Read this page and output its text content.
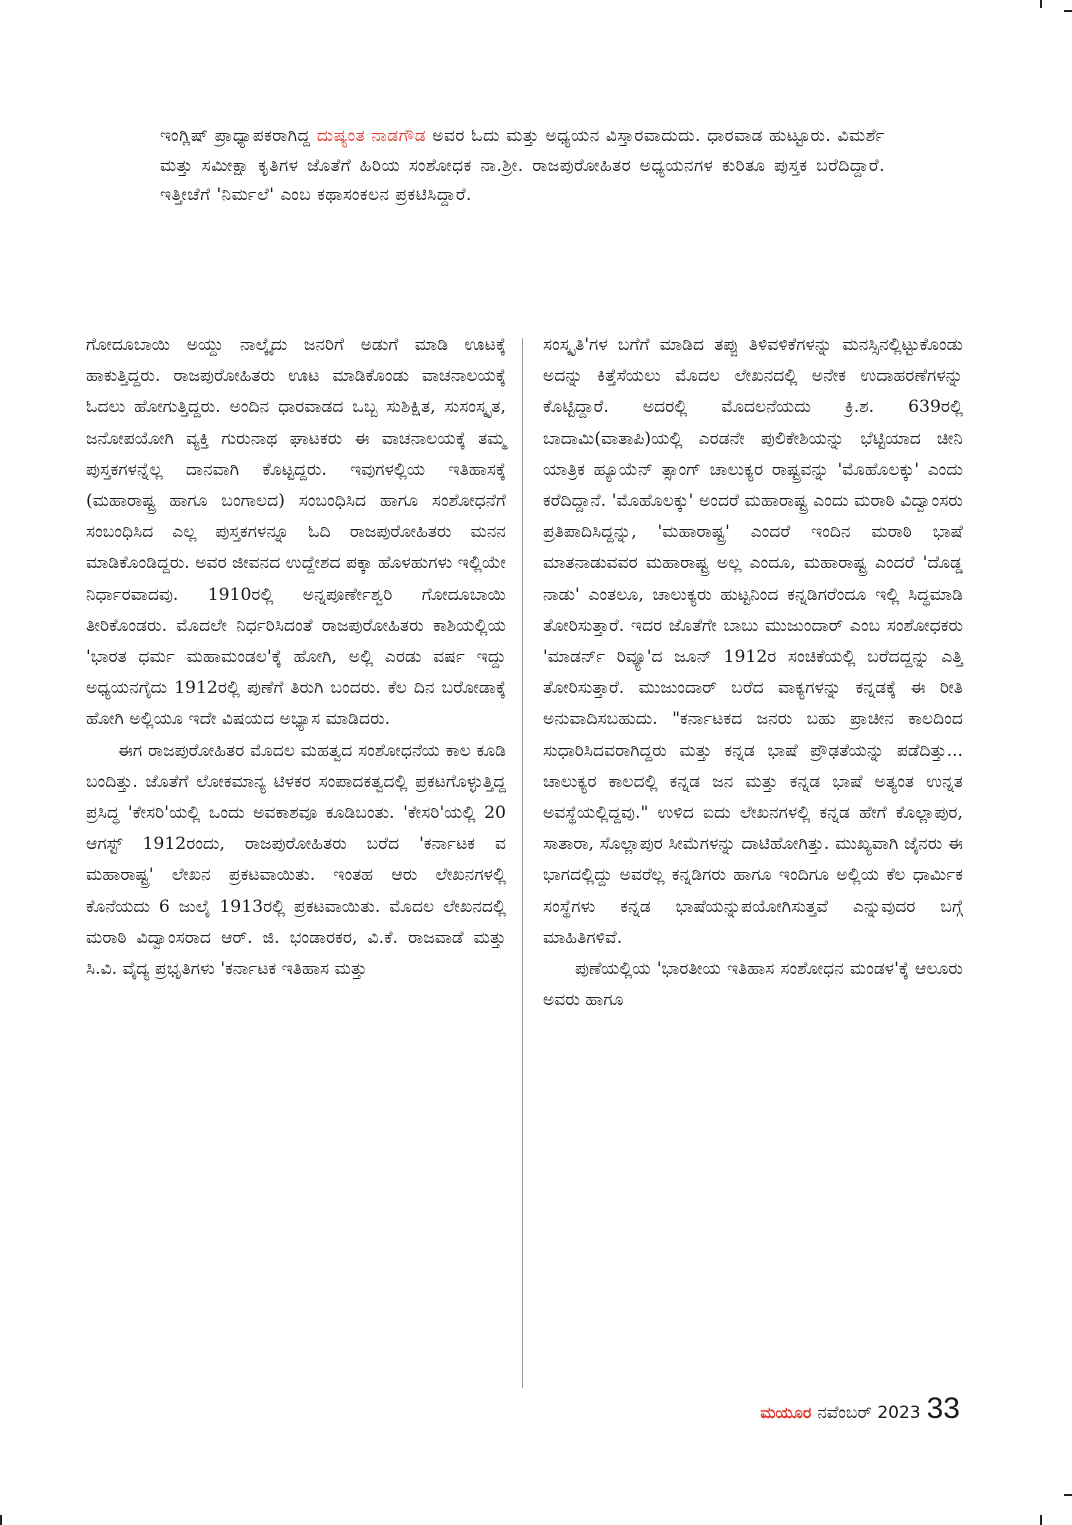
ಇಂಗ್ಲಿಷ್ ಪ್ರಾಧ್ಯಾಪಕರಾಗಿದ್ದ ದುಷ್ಯಂತ ನಾಡಗೌಡ ಅವರ ಓದು ಮತ್ತು ಅಧ್ಯಯನ ವಿಸ್ತಾರವಾದುದು. ಧಾರವಾಡ ಹುಟ್ಟೂರು. ವಿಮರ್ಶೆ ಮತ್ತು ಸಮೀಕ್ಷಾ ಕೃತಿಗಳ ಜೊತೆಗೆ ಹಿರಿಯ ಸಂಶೋಧಕ ನಾ.ಶ್ರೀ. ರಾಜಪುರೋಹಿತರ ಅಧ್ಯಯನಗಳ ಕುರಿತೂ ಪುಸ್ತಕ ಬರೆದಿದ್ದಾರೆ. ಇತ್ತೀಚೆಗೆ 'ನಿರ್ಮಲೆ' ಎಂಬ ಕಥಾಸಂಕಲನ ಪ್ರಕಟಿಸಿದ್ದಾರೆ.

ಗೋದೂಬಾಯಿ ಅಯ್ದು ನಾಲ್ಕೈದು ಜನರಿಗೆ ಅಡುಗೆ ಮಾಡಿ ಊಟಕ್ಕೆ ಹಾಕುತ್ತಿದ್ದರು. ರಾಜಪುರೋಹಿತರು ಊಟ ಮಾಡಿಕೊಂಡು ವಾಚನಾಲಯಕ್ಕೆ ಓದಲು ಹೋಗುತ್ತಿದ್ದರು. ಅಂದಿನ ಧಾರವಾಡದ ಒಬ್ಬ ಸುಶಿಕ್ಷಿತ, ಸುಸಂಸ್ಕೃತ, ಜನೋಪಯೋಗಿ ವ್ಯಕ್ತಿ ಗುರುನಾಥ ಘಾಟಕರು ಈ ವಾಚನಾಲಯಕ್ಕೆ ತಮ್ಮ ಪುಸ್ತಕಗಳನ್ನೆಲ್ಲ ದಾನವಾಗಿ ಕೊಟ್ಟದ್ದರು. ಇವುಗಳಲ್ಲಿಯ ಇತಿಹಾಸಕ್ಕೆ (ಮಹಾರಾಷ್ಟ್ರ ಹಾಗೂ ಬಂಗಾಲದ) ಸಂಬಂಧಿಸಿದ ಹಾಗೂ ಸಂಶೋಧನೆಗೆ ಸಂಬಂಧಿಸಿದ ಎಲ್ಲ ಪುಸ್ತಕಗಳನ್ನೂ ಓದಿ ರಾಜಪುರೋಹಿತರು ಮನನ ಮಾಡಿಕೊಂಡಿದ್ದರು. ಅವರ ಜೀವನದ ಉದ್ದೇಶದ ಪಕ್ಕಾ ಹೊಳಹುಗಳು ಇಲ್ಲಿಯೇ ನಿರ್ಧಾರವಾದವು. 1910ರಲ್ಲಿ ಅನ್ನಪೂರ್ಣೇಶ್ವರಿ ಗೋದೂಬಾಯಿ ತೀರಿಕೊಂಡರು. ಮೊದಲೇ ನಿರ್ಧರಿಸಿದಂತೆ ರಾಜಪುರೋಹಿತರು ಕಾಶಿಯಲ್ಲಿಯ 'ಭಾರತ ಧರ್ಮ ಮಹಾಮಂಡಲ'ಕ್ಕೆ ಹೋಗಿ, ಅಲ್ಲಿ ಎರಡು ವರ್ಷ ಇದ್ದು ಅಧ್ಯಯನಗೈದು 1912ರಲ್ಲಿ ಪುಣೆಗೆ ತಿರುಗಿ ಬಂದರು. ಕೆಲ ದಿನ ಬರೋಡಾಕ್ಕೆ ಹೋಗಿ ಅಲ್ಲಿಯೂ ಇದೇ ವಿಷಯದ ಅಭ್ಯಾಸ ಮಾಡಿದರು.

ಈಗ ರಾಜಪುರೋಹಿತರ ಮೊದಲ ಮಹತ್ವದ ಸಂಶೋಧನೆಯ ಕಾಲ ಕೂಡಿ ಬಂದಿತ್ತು. ಜೊತೆಗೆ ಲೋಕಮಾನ್ಯ ಟಿಳಕರ ಸಂಪಾದಕತ್ವದಲ್ಲಿ ಪ್ರಕಟಗೊಳ್ಳುತ್ತಿದ್ದ ಪ್ರಸಿದ್ಧ 'ಕೇಸರಿ'ಯಲ್ಲಿ ಒಂದು ಅವಕಾಶವೂ ಕೂಡಿಬಂತು. 'ಕೇಸರಿ'ಯಲ್ಲಿ 20 ಆಗಸ್ಟ್ 1912ರಂದು, ರಾಜಪುರೋಹಿತರು ಬರೆದ 'ಕರ್ನಾಟಕ ವ ಮಹಾರಾಷ್ಟ್ರ' ಲೇಖನ ಪ್ರಕಟವಾಯಿತು. ಇಂತಹ ಆರು ಲೇಖನಗಳಲ್ಲಿ ಕೊನೆಯದು 6 ಜುಲೈ 1913ರಲ್ಲಿ ಪ್ರಕಟವಾಯಿತು. ಮೊದಲ ಲೇಖನದಲ್ಲಿ ಮರಾಠಿ ವಿದ್ವಾಂಸರಾದ ಆರ್. ಜಿ. ಭಂಡಾರಕರ, ವಿ.ಕೆ. ರಾಜವಾಡೆ ಮತ್ತು ಸಿ.ವಿ. ವೈದ್ಯ ಪ್ರಭೃತಿಗಳು 'ಕರ್ನಾಟಕ ಇತಿಹಾಸ ಮತ್ತು

ಸಂಸ್ಕೃತಿ'ಗಳ ಬಗೆಗೆ ಮಾಡಿದ ತಪ್ಪು ತಿಳಿವಳಿಕೆಗಳನ್ನು ಮನಸ್ಸಿನಲ್ಲಿಟ್ಟುಕೊಂಡು ಅದನ್ನು ಕಿತ್ತೆಸೆಯಲು ಮೊದಲ ಲೇಖನದಲ್ಲಿ ಅನೇಕ ಉದಾಹರಣೆಗಳನ್ನು ಕೊಟ್ಟಿದ್ದಾರೆ. ಅದರಲ್ಲಿ ಮೊದಲನೆಯದು ಕ್ರಿ.ಶ. 639ರಲ್ಲಿ ಬಾದಾಮಿ(ವಾತಾಪಿ)ಯಲ್ಲಿ ಎರಡನೇ ಪುಲಿಕೇಶಿಯನ್ನು ಭೆಟ್ಟಿಯಾದ ಚೀನಿ ಯಾತ್ರಿಕ ಹ್ಯೂಯೆನ್ ತ್ಸಾಂಗ್ ಚಾಲುಕ್ಯರ ರಾಷ್ಟ್ರವನ್ನು 'ಮೊಹೊಲಕ್ಕು' ಎಂದು ಕರೆದಿದ್ದಾನೆ. 'ಮೊಹೊಲಕ್ಕು' ಅಂದರೆ ಮಹಾರಾಷ್ಟ್ರ ಎಂದು ಮರಾಠಿ ವಿದ್ವಾಂಸರು ಪ್ರತಿಪಾದಿಸಿದ್ದನ್ನು, 'ಮಹಾರಾಷ್ಟ್ರ' ಎಂದರೆ ಇಂದಿನ ಮರಾಠಿ ಭಾಷೆ ಮಾತನಾಡುವವರ ಮಹಾರಾಷ್ಟ್ರ ಅಲ್ಲ ಎಂದೂ, ಮಹಾರಾಷ್ಟ್ರ ಎಂದರೆ 'ದೊಡ್ಡ ನಾಡು' ಎಂತಲೂ, ಚಾಲುಕ್ಯರು ಹುಟ್ಟನಿಂದ ಕನ್ನಡಿಗರೆಂದೂ ಇಲ್ಲಿ ಸಿದ್ಧಮಾಡಿ ತೋರಿಸುತ್ತಾರೆ. ಇದರ ಜೊತೆಗೇ ಬಾಬು ಮುಜುಂದಾರ್ ಎಂಬ ಸಂಶೋಧಕರು 'ಮಾಡರ್ನ್ ರಿವ್ಯೂ'ದ ಜೂನ್ 1912ರ ಸಂಚಿಕೆಯಲ್ಲಿ ಬರೆದದ್ದನ್ನು ಎತ್ತಿ ತೋರಿಸುತ್ತಾರೆ. ಮುಜುಂದಾರ್ ಬರೆದ ವಾಕ್ಯಗಳನ್ನು ಕನ್ನಡಕ್ಕೆ ಈ ರೀತಿ ಅನುವಾದಿಸಬಹುದು. "ಕರ್ನಾಟಕದ ಜನರು ಬಹು ಪ್ರಾಚೀನ ಕಾಲದಿಂದ ಸುಧಾರಿಸಿದವರಾಗಿದ್ದರು ಮತ್ತು ಕನ್ನಡ ಭಾಷೆ ಪ್ರೌಢತೆಯನ್ನು ಪಡೆದಿತ್ತು... ಚಾಲುಕ್ಯರ ಕಾಲದಲ್ಲಿ ಕನ್ನಡ ಜನ ಮತ್ತು ಕನ್ನಡ ಭಾಷೆ ಅತ್ಯಂತ ಉನ್ನತ ಅವಸ್ಥೆಯಲ್ಲಿದ್ದವು." ಉಳಿದ ಐದು ಲೇಖನಗಳಲ್ಲಿ ಕನ್ನಡ ಹೇಗೆ ಕೊಲ್ಲಾಪುರ, ಸಾತಾರಾ, ಸೊಲ್ಲಾಪುರ ಸೀಮೆಗಳನ್ನು ದಾಟಿಹೋಗಿತ್ತು. ಮುಖ್ಯವಾಗಿ ಜೈನರು ಈ ಭಾಗದಲ್ಲಿದ್ದು ಅವರೆಲ್ಲ ಕನ್ನಡಿಗರು ಹಾಗೂ ಇಂದಿಗೂ ಅಲ್ಲಿಯ ಕೆಲ ಧಾರ್ಮಿಕ ಸಂಸ್ಥೆಗಳು ಕನ್ನಡ ಭಾಷೆಯನ್ನುಪಯೋಗಿಸುತ್ತವೆ ಎನ್ನುವುದರ ಬಗ್ಗೆ ಮಾಹಿತಿಗಳಿವೆ.

ಪುಣೆಯಲ್ಲಿಯ 'ಭಾರತೀಯ ಇತಿಹಾಸ ಸಂಶೋಧನ ಮಂಡಳ'ಕ್ಕೆ ಆಲೂರು ಅವರು ಹಾಗೂ

ಮಯೂರ ನವೆಂಬರ್ 2023 33
